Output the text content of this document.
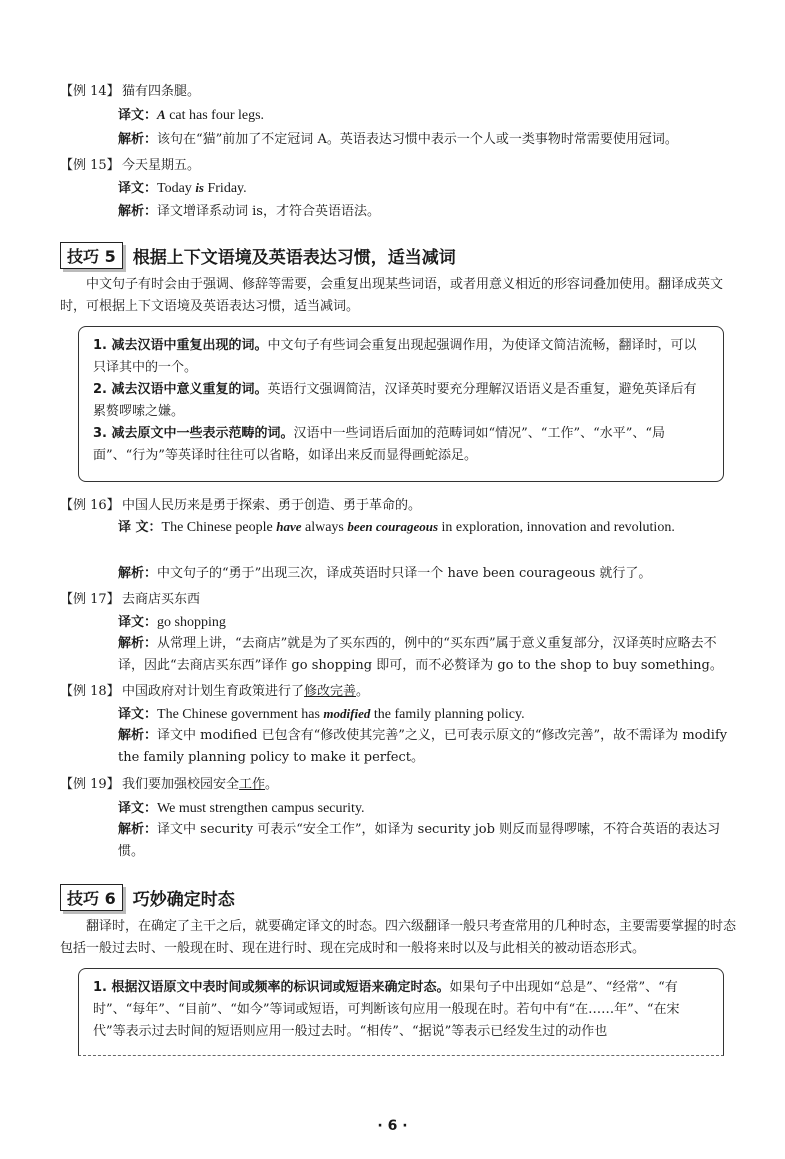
【例 14】 猫有四条腿。
译文：A cat has four legs.
解析：该句在“猫”前加了不定冠词 A。英语表达习惯中表示一个人或一类事物时常需要使用冠词。
【例 15】 今天星期五。
译文：Today is Friday.
解析：译文增译系动词 is，才符合英语语法。
技巧 5	根据上下文语境及英语表达习惯，适当减词
中文句子有时会由于强调、修辞等需要，会重复出现某些词语，或者用意义相近的形容词叠加使用。翻译成英文时，可根据上下文语境及英语表达习惯，适当减词。
1. 减去汉语中重复出现的词。中文句子有些词会重复出现起强调作用，为使译文简洁流畅，翻译时，可以只译其中的一个。
2. 减去汉语中意义重复的词。英语行文强调简洁，汉译英时要充分理解汉语语义是否重复，避免英译后有累赘啰嗦之嫌。
3. 减去原文中一些表示范畴的词。汉语中一些词语后面加的范畴词如“情况”、“工作”、“水平”、“局面”、“行为”等英译时往往可以省略，如译出来反而显得画蛇添足。
【例 16】 中国人民历来是勇于探索、勇于创造、勇于革命的。
译 文：The Chinese people have always been courageous in exploration, innovation and revolution.
解析：中文句子的“勇于”出现三次，译成英语时只译一个 have been courageous 就行了。
【例 17】 去商店买东西
译文：go shopping
解析：从常理上讲，“去商店”就是为了买东西的，例中的“买东西”属于意义重复部分，汉译英时应略去不译，因此“去商店买东西”译作 go shopping 即可，而不必赘译为 go to the shop to buy something。
【例 18】 中国政府对计划生育政策进行了修改完善。
译文：The Chinese government has modified the family planning policy.
解析：译文中 modified 已包含有“修改使其完善”之义，已可表示原文的“修改完善”，故不需译为 modify the family planning policy to make it perfect。
【例 19】 我们要加强校园安全工作。
译文：We must strengthen campus security.
解析：译文中 security 可表示“安全工作”，如译为 security job 则反而显得啰嗦，不符合英语的表达习惯。
技巧 6	巧妙确定时态
翻译时，在确定了主干之后，就要确定译文的时态。四六级翻译一般只考查常用的几种时态，主要需要掌握的时态包括一般过去时、一般现在时、现在进行时、现在完成时和一般将来时以及与此相关的被动语态形式。
1. 根据汉语原文中表时间或频率的标识词或短语来确定时态。如果句子中出现如“总是”、“经常”、“有时”、“每年”、“目前”、“如今”等词或短语，可判断该句应用一般现在时。若句中有“在……年”、“在宋代”等表示过去时间的短语则应用一般过去时。“相传”、“据说”等表示已经发生过的动作也
· 6 ·
